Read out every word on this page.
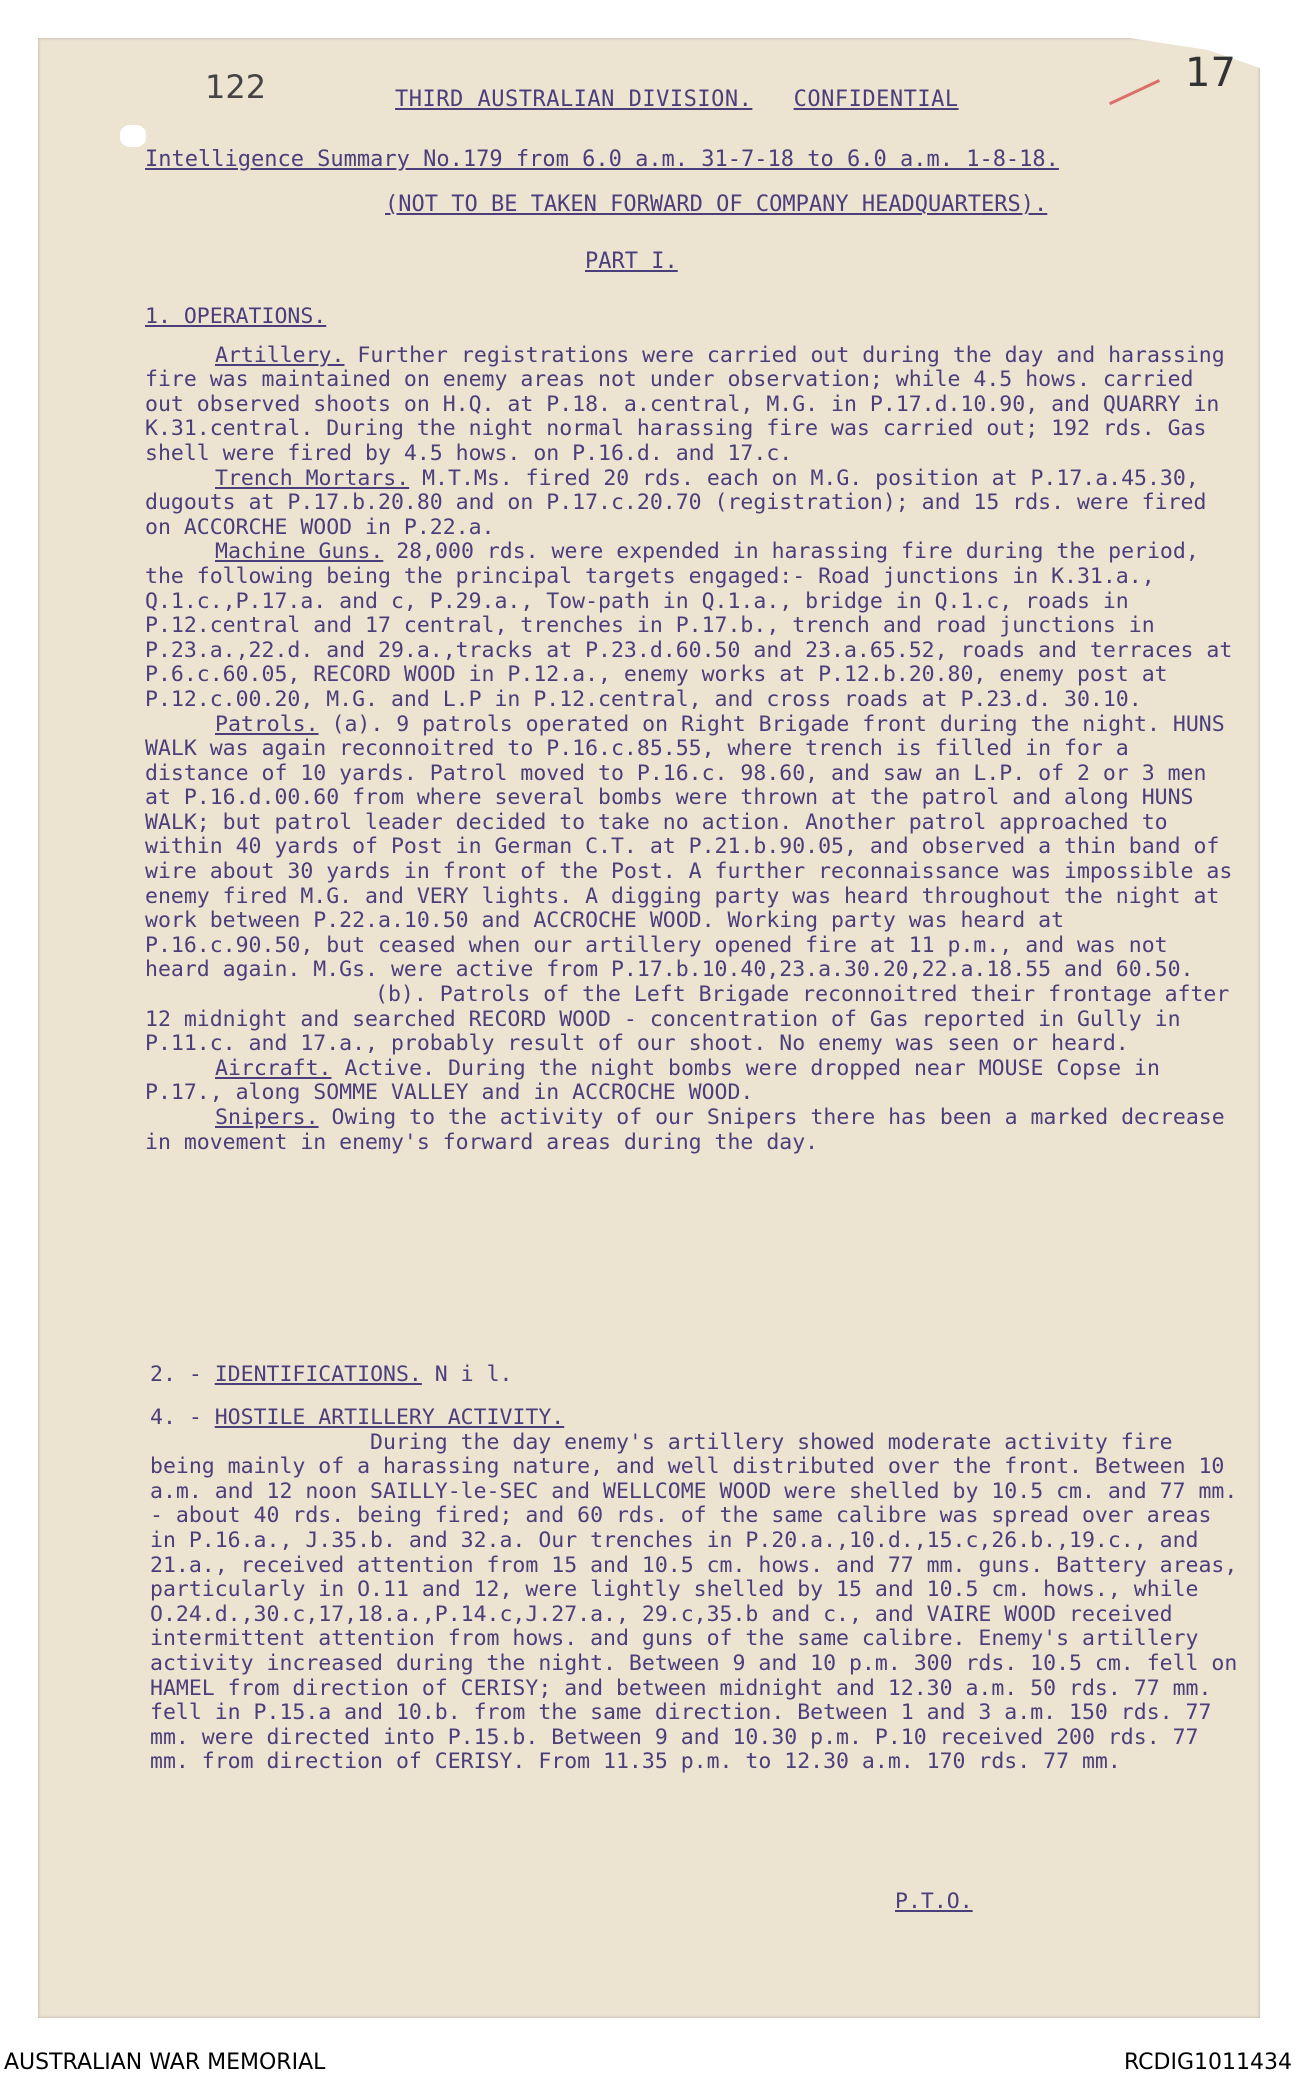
122	17
THIRD AUSTRALIAN DIVISION. CONFIDENTIAL
Intelligence Summary No.179 from 6.0 a.m. 31-7-18 to 6.0 a.m. 1-8-18.
(NOT TO BE TAKEN FORWARD OF COMPANY HEADQUARTERS).
PART I.

1. OPERATIONS.

Artillery. Further registrations were carried out during the day and harassing fire was maintained on enemy areas not under observation; while 4.5 hows. carried out observed shoots on H.Q. at P.18. a.central, M.G. in P.17.d.10.90, and QUARRY in K.31.central. During the night normal harassing fire was carried out; 192 rds. Gas shell were fired by 4.5 hows. on P.16.d. and 17.c.

Trench Mortars. M.T.Ms. fired 20 rds. each on M.G. position at P.17.a.45.30, dugouts at P.17.b.20.80 and on P.17.c.20.70 (registration); and 15 rds. were fired on ACCORCHE WOOD in P.22.a.

Machine Guns. 28,000 rds. were expended in harassing fire during the period, the following being the principal targets engaged:- Road junctions in K.31.a., Q.1.c.,P.17.a. and c, P.29.a., Tow-path in Q.1.a., bridge in Q.1.c, roads in P.12.central and 17 central, trenches in P.17.b., trench and road junctions in P.23.a.,22.d. and 29.a.,tracks at P.23.d.60.50 and 23.a.65.52, roads and terraces at P.6.c.60.05, RECORD WOOD in P.12.a., enemy works at P.12.b.20.80, enemy post at P.12.c.00.20, M.G. and L.P in P.12.central, and cross roads at P.23.d. 30.10.

Patrols. (a). 9 patrols operated on Right Brigade front during the night. HUNS WALK was again reconnoitred to P.16.c.85.55, where trench is filled in for a distance of 10 yards. Patrol moved to P.16.c. 98.60, and saw an L.P. of 2 or 3 men at P.16.d.00.60 from where several bombs were thrown at the patrol and along HUNS WALK; but patrol leader decided to take no action. Another patrol approached to within 40 yards of Post in German C.T. at P.21.b.90.05, and observed a thin band of wire about 30 yards in front of the Post. A further reconnaissance was impossible as enemy fired M.G. and VERY lights. A digging party was heard throughout the night at work between P.22.a.10.50 and ACCROCHE WOOD. Working party was heard at P.16.c.90.50, but ceased when our artillery opened fire at 11 p.m., and was not heard again. M.Gs. were active from P.17.b.10.40,23.a.30.20,22.a.18.55 and 60.50.

(b). Patrols of the Left Brigade reconnoitred their frontage after 12 midnight and searched RECORD WOOD - concentration of Gas reported in Gully in P.11.c. and 17.a., probably result of our shoot. No enemy was seen or heard.

Aircraft. Active. During the night bombs were dropped near MOUSE Copse in P.17., along SOMME VALLEY and in ACCROCHE WOOD.

Snipers. Owing to the activity of our Snipers there has been a marked decrease in movement in enemy's forward areas during the day.

2. - IDENTIFICATIONS. N i l.

4. - HOSTILE ARTILLERY ACTIVITY.

During the day enemy's artillery showed moderate activity fire being mainly of a harassing nature, and well distributed over the front. Between 10 a.m. and 12 noon SAILLY-le-SEC and WELLCOME WOOD were shelled by 10.5 cm. and 77 mm. - about 40 rds. being fired; and 60 rds. of the same calibre was spread over areas in P.16.a., J.35.b. and 32.a. Our trenches in P.20.a.,10.d.,15.c,26.b.,19.c., and 21.a., received attention from 15 and 10.5 cm. hows. and 77 mm. guns. Battery areas, particularly in O.11 and 12, were lightly shelled by 15 and 10.5 cm. hows., while O.24.d.,30.c,17,18.a.,P.14.c,J.27.a., 29.c,35.b and c., and VAIRE WOOD received intermittent attention from hows. and guns of the same calibre. Enemy's artillery activity increased during the night. Between 9 and 10 p.m. 300 rds. 10.5 cm. fell on HAMEL from direction of CERISY; and between midnight and 12.30 a.m. 50 rds. 77 mm. fell in P.15.a and 10.b. from the same direction. Between 1 and 3 a.m. 150 rds. 77 mm. were directed into P.15.b. Between 9 and 10.30 p.m. P.10 received 200 rds. 77 mm. from direction of CERISY. From 11.35 p.m. to 12.30 a.m. 170 rds. 77 mm.

P.T.O.
AUSTRALIAN WAR MEMORIAL	RCDIG1011434
